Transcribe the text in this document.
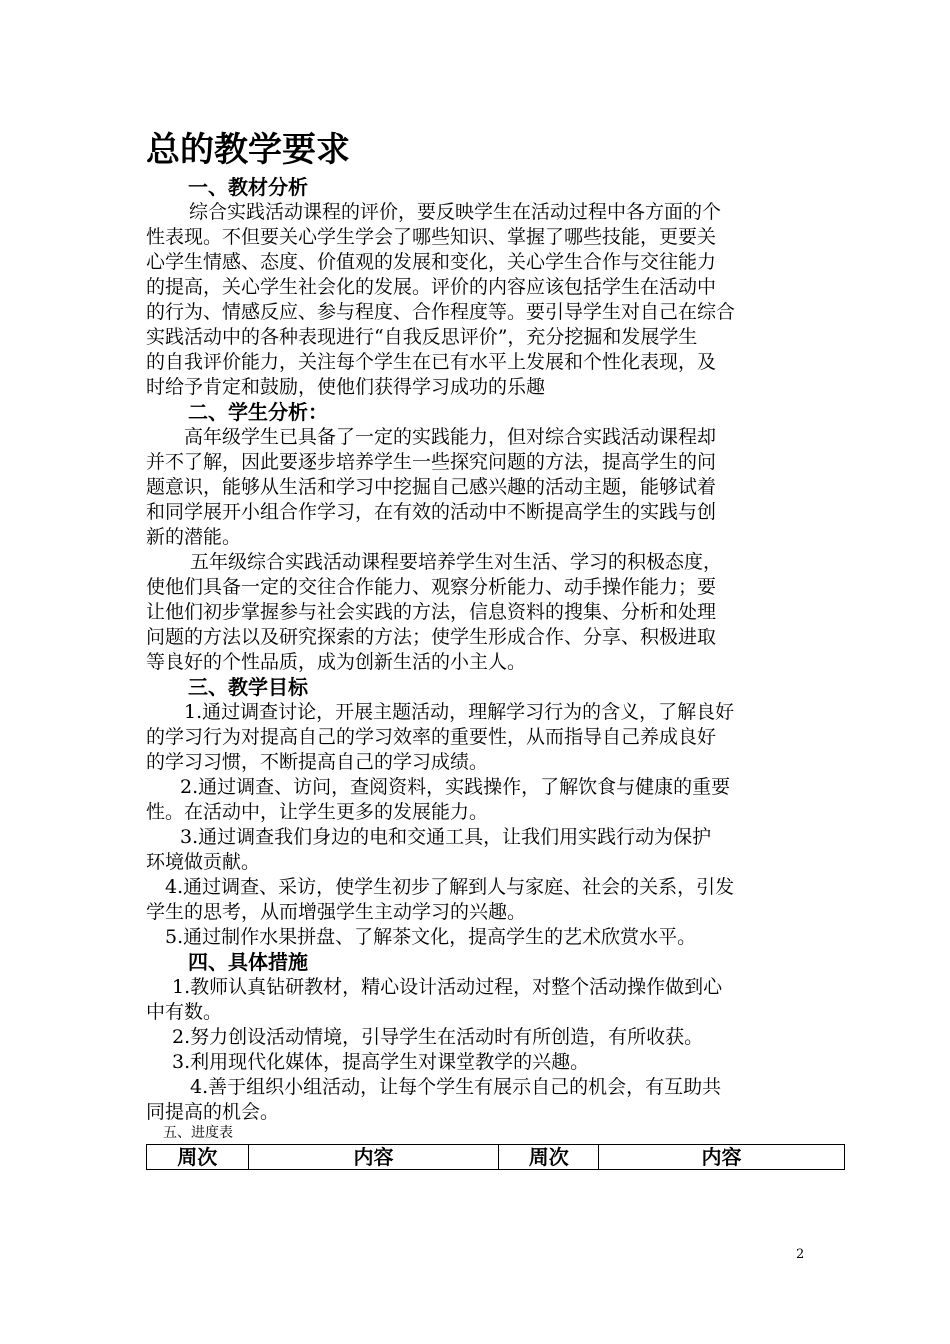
总的教学要求
一、教材分析
综合实践活动课程的评价，要反映学生在活动过程中各方面的个
性表现。不但要关心学生学会了哪些知识、掌握了哪些技能，更要关
心学生情感、态度、价值观的发展和变化，关心学生合作与交往能力
的提高，关心学生社会化的发展。评价的内容应该包括学生在活动中
的行为、情感反应、参与程度、合作程度等。要引导学生对自己在综合
实践活动中的各种表现进行“自我反思评价”，充分挖掘和发展学生
的自我评价能力，关注每个学生在已有水平上发展和个性化表现，及
时给予肯定和鼓励，使他们获得学习成功的乐趣
二、学生分析：
高年级学生已具备了一定的实践能力，但对综合实践活动课程却
并不了解，因此要逐步培养学生一些探究问题的方法，提高学生的问
题意识，能够从生活和学习中挖掘自己感兴趣的活动主题，能够试着
和同学展开小组合作学习，在有效的活动中不断提高学生的实践与创
新的潜能。
五年级综合实践活动课程要培养学生对生活、学习的积极态度，
使他们具备一定的交往合作能力、观察分析能力、动手操作能力；要
让他们初步掌握参与社会实践的方法，信息资料的搜集、分析和处理
问题的方法以及研究探索的方法；使学生形成合作、分享、积极进取
等良好的个性品质，成为创新生活的小主人。
三、教学目标
1.通过调查讨论，开展主题活动，理解学习行为的含义，了解良好
的学习行为对提高自己的学习效率的重要性，从而指导自己养成良好
的学习习惯，不断提高自己的学习成绩。
2.通过调查、访问，查阅资料，实践操作，了解饮食与健康的重要
性。在活动中，让学生更多的发展能力。
3.通过调查我们身边的电和交通工具，让我们用实践行动为保护
环境做贡献。
4.通过调查、采访，使学生初步了解到人与家庭、社会的关系，引发
学生的思考，从而增强学生主动学习的兴趣。
5.通过制作水果拼盘、了解茶文化，提高学生的艺术欣赏水平。
四、具体措施
1.教师认真钻研教材，精心设计活动过程，对整个活动操作做到心
中有数。
2.努力创设活动情境，引导学生在活动时有所创造，有所收获。
3.利用现代化媒体，提高学生对课堂教学的兴趣。
4.善于组织小组活动，让每个学生有展示自己的机会，有互助共
同提高的机会。
五、进度表
周次	内容	周次	内容
2
